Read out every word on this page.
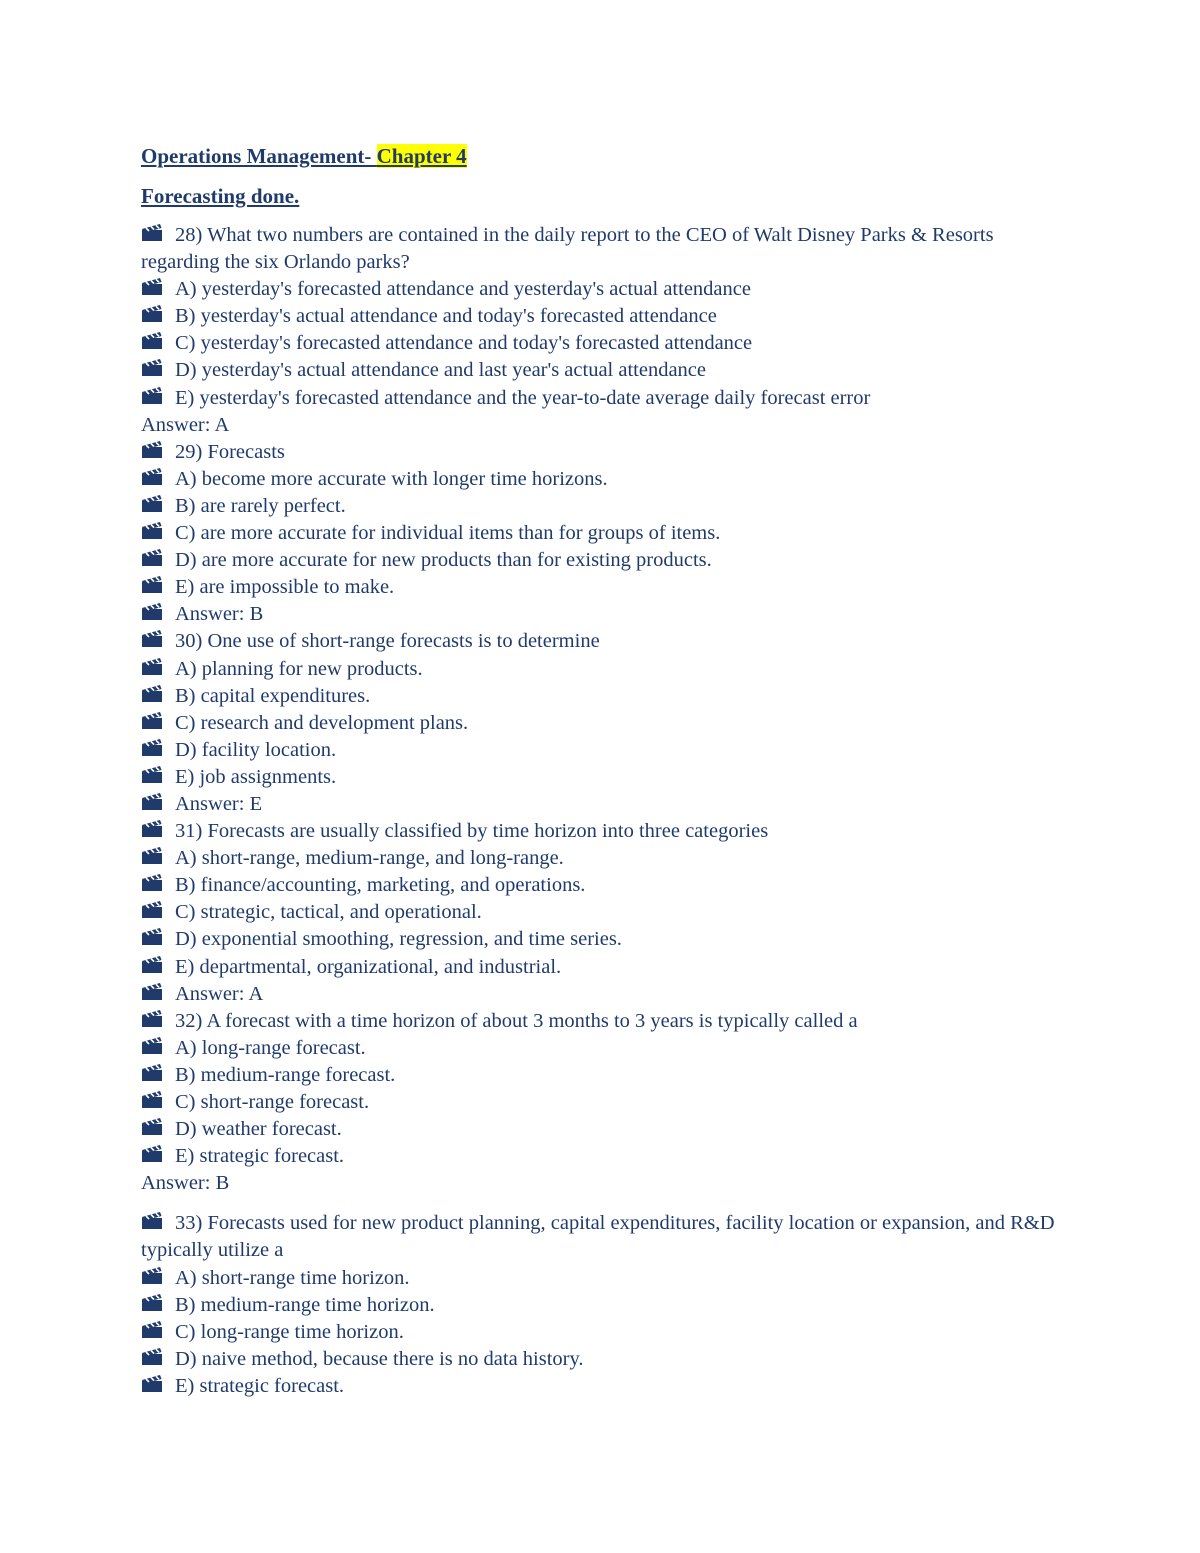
Operations Management- Chapter 4
Forecasting done.
28) What two numbers are contained in the daily report to the CEO of Walt Disney Parks & Resorts regarding the six Orlando parks?
A) yesterday's forecasted attendance and yesterday's actual attendance
B) yesterday's actual attendance and today's forecasted attendance
C) yesterday's forecasted attendance and today's forecasted attendance
D) yesterday's actual attendance and last year's actual attendance
E) yesterday's forecasted attendance and the year-to-date average daily forecast error
Answer: A
29) Forecasts
A) become more accurate with longer time horizons.
B) are rarely perfect.
C) are more accurate for individual items than for groups of items.
D) are more accurate for new products than for existing products.
E) are impossible to make.
Answer: B
30) One use of short-range forecasts is to determine
A) planning for new products.
B) capital expenditures.
C) research and development plans.
D) facility location.
E) job assignments.
Answer: E
31) Forecasts are usually classified by time horizon into three categories
A) short-range, medium-range, and long-range.
B) finance/accounting, marketing, and operations.
C) strategic, tactical, and operational.
D) exponential smoothing, regression, and time series.
E) departmental, organizational, and industrial.
Answer: A
32) A forecast with a time horizon of about 3 months to 3 years is typically called a
A) long-range forecast.
B) medium-range forecast.
C) short-range forecast.
D) weather forecast.
E) strategic forecast.
Answer: B
33) Forecasts used for new product planning, capital expenditures, facility location or expansion, and R&D typically utilize a
A) short-range time horizon.
B) medium-range time horizon.
C) long-range time horizon.
D) naive method, because there is no data history.
E) strategic forecast.
